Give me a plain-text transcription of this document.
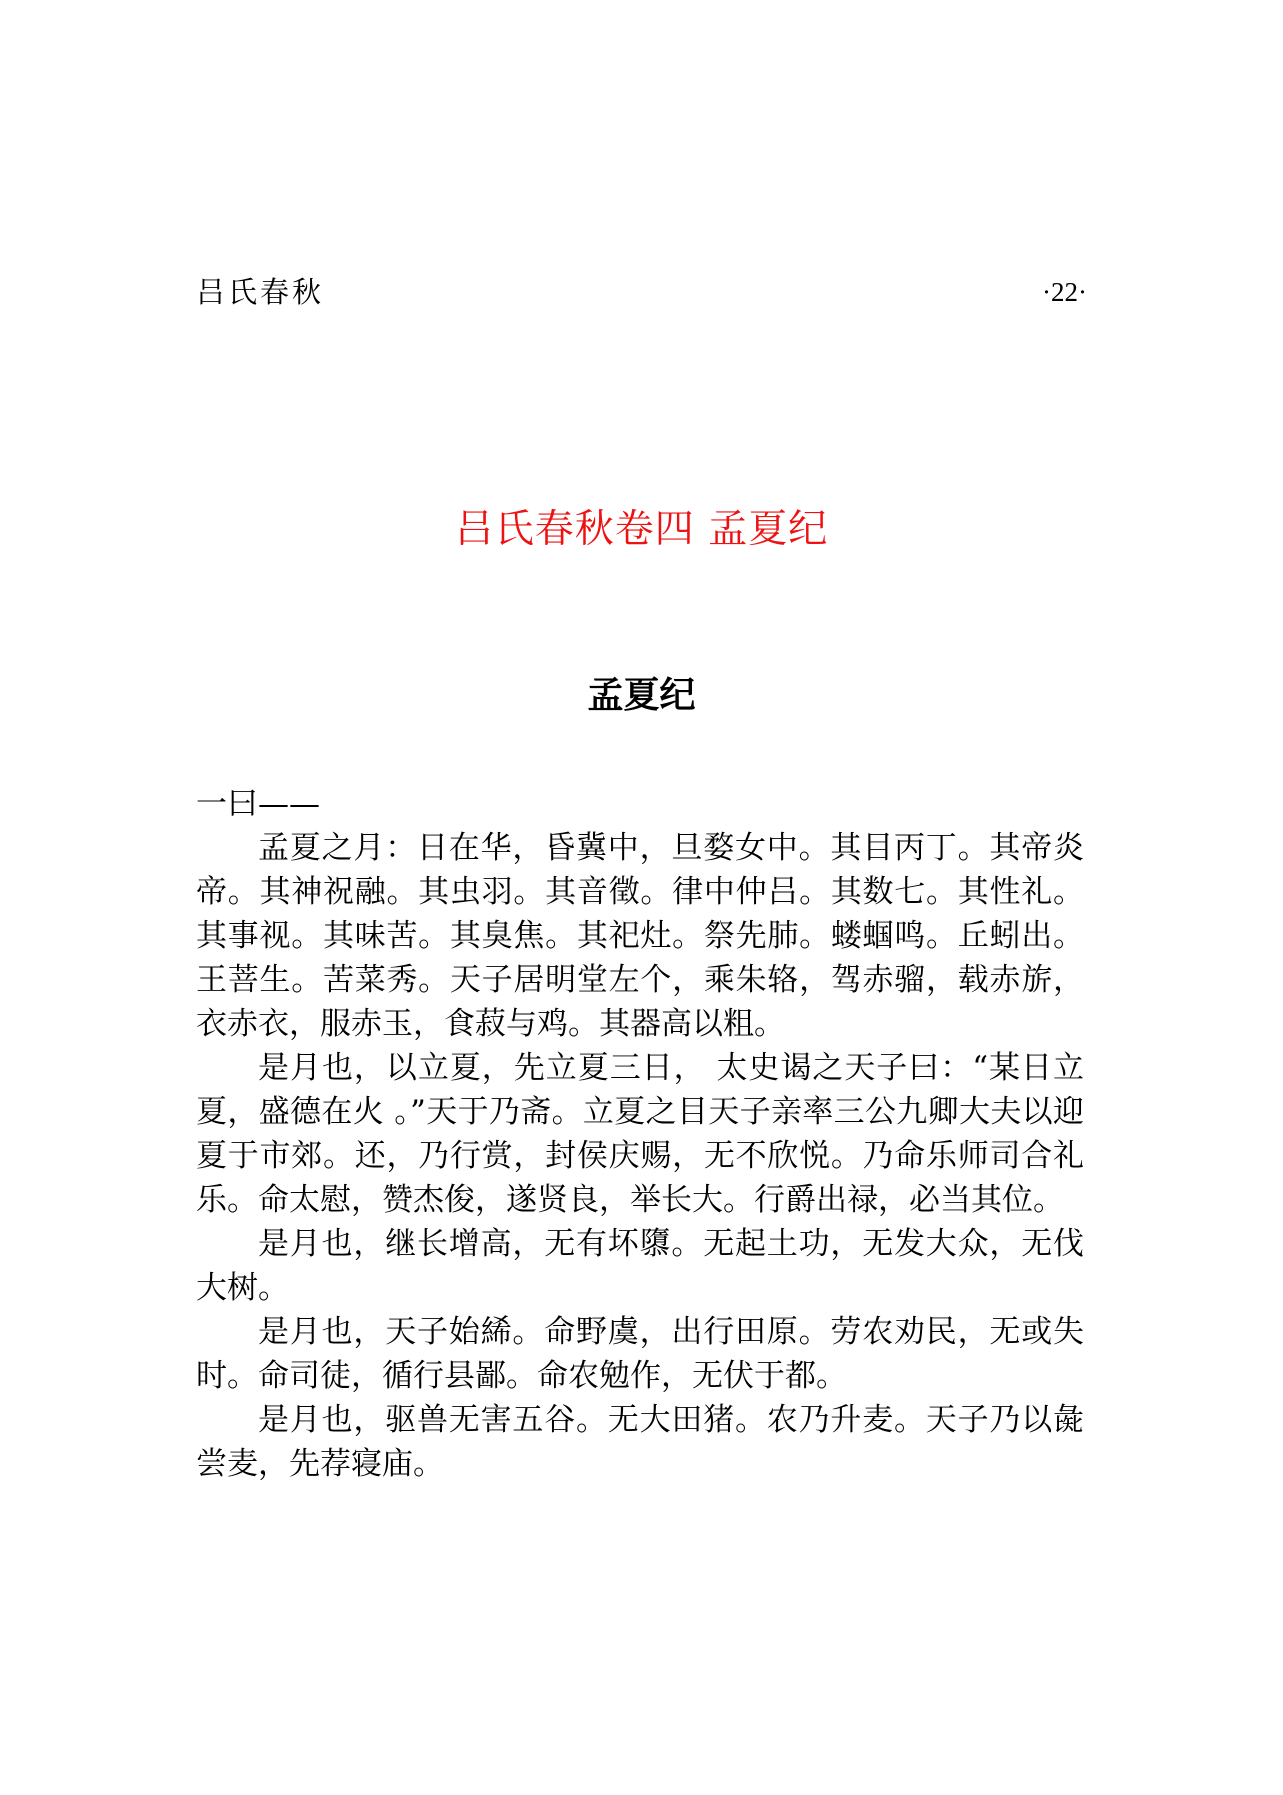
吕氏春秋	·22·
吕氏春秋卷四 孟夏纪
孟夏纪

一曰——

孟夏之月：日在华，昏冀中，旦婺女中。其目丙丁。其帝炎帝。其神祝融。其虫羽。其音徵。律中仲吕。其数七。其性礼。其事视。其味苦。其臭焦。其祀灶。祭先肺。蝼蝈鸣。丘蚓出。王菩生。苦菜秀。天子居明堂左个，乘朱辂，驾赤骝，载赤旂，衣赤衣，服赤玉，食菽与鸡。其器高以粗。

是月也，以立夏，先立夏三日， 太史谒之天子曰：“某日立夏，盛德在火 。”天于乃斋。立夏之目天子亲率三公九卿大夫以迎夏于市郊。还，乃行赏，封侯庆赐，无不欣悦。乃命乐师司合礼乐。命太慰，赞杰俊，遂贤良，举长大。行爵出禄，必当其位。

是月也，继长增高，无有坏隳。无起土功，无发大众，无伐大树。

是月也，天子始絺。命野虞，出行田原。劳农劝民，无或失时。命司徒，循行县鄙。命农勉作，无伏于都。

是月也，驱兽无害五谷。无大田猪。农乃升麦。天子乃以彘尝麦，先荐寝庙。
